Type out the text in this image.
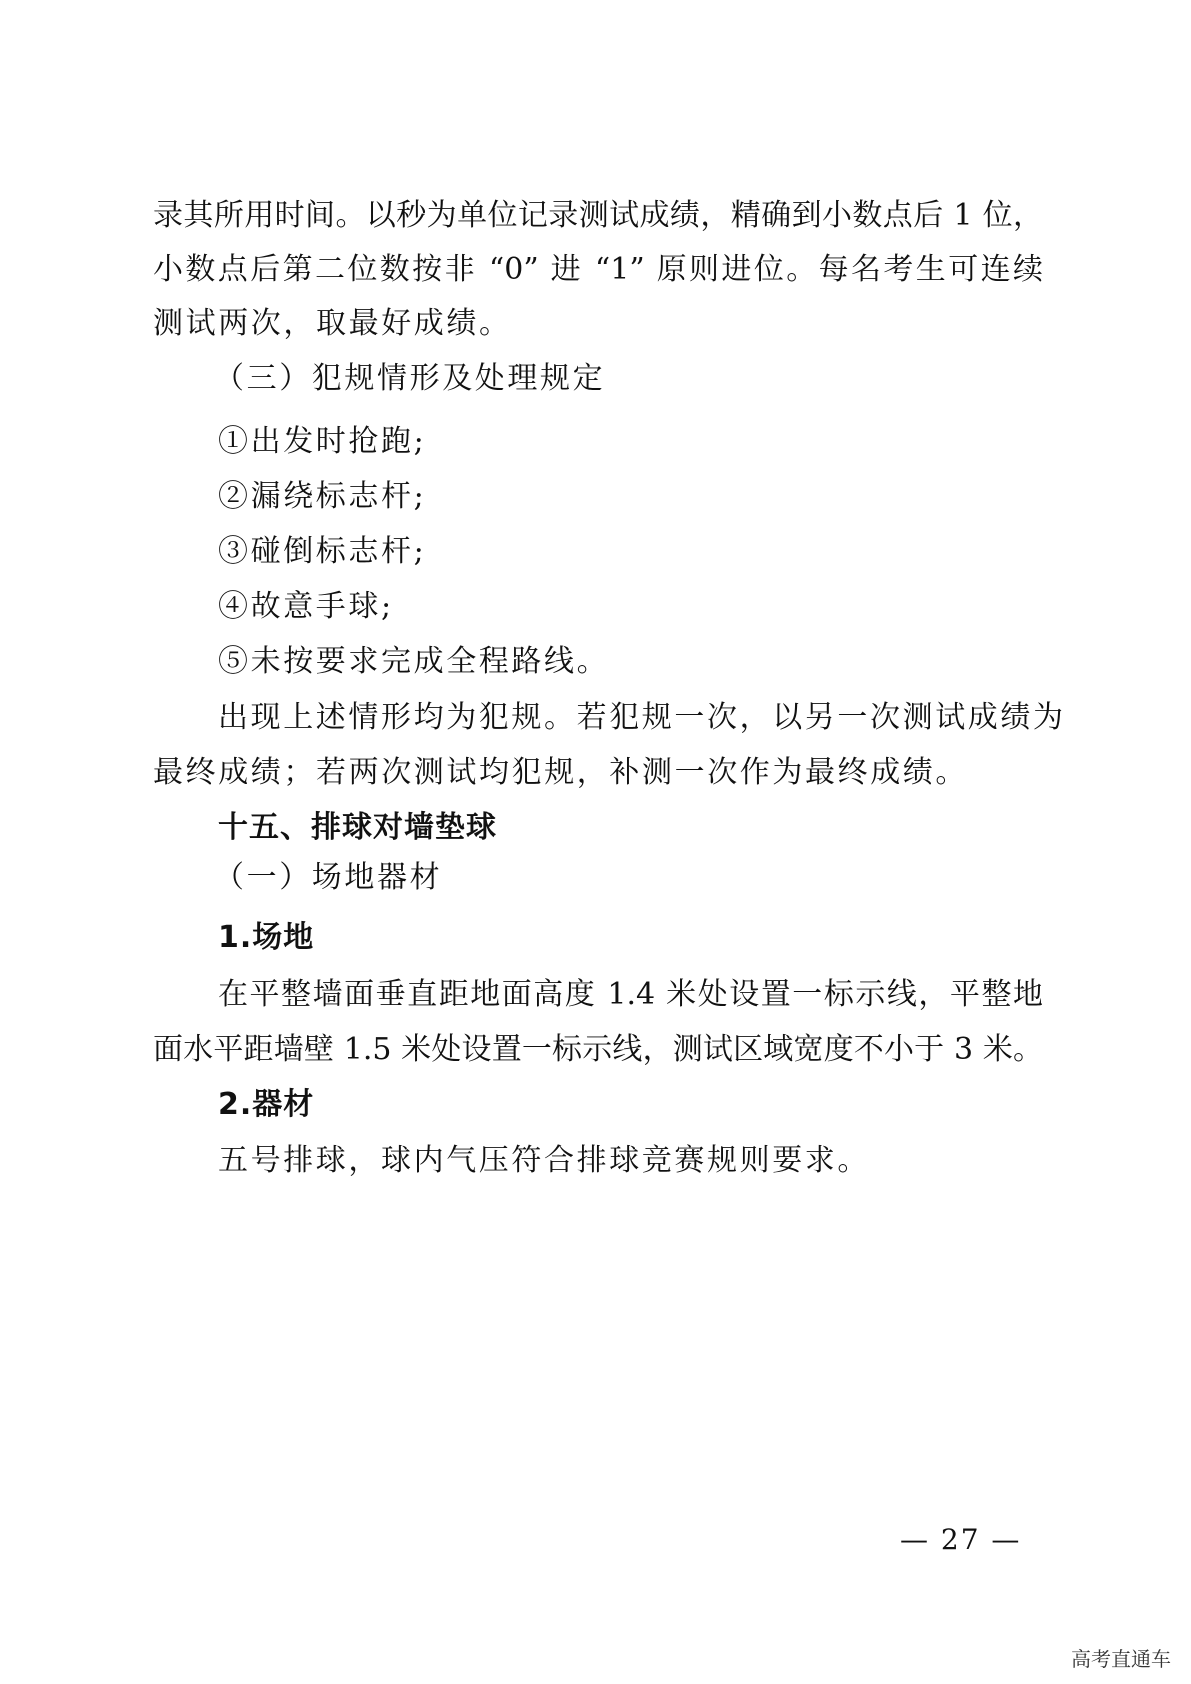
录其所用时间。以秒为单位记录测试成绩，精确到小数点后 1 位，
小数点后第二位数按非 “0” 进 “1” 原则进位。每名考生可连续
测试两次，取最好成绩。
（三）犯规情形及处理规定
①出发时抢跑;
②漏绕标志杆;
③碰倒标志杆;
④故意手球;
⑤未按要求完成全程路线。
出现上述情形均为犯规。若犯规一次，以另一次测试成绩为
最终成绩；若两次测试均犯规，补测一次作为最终成绩。
十五、排球对墙垫球
（一）场地器材
1.场地
在平整墙面垂直距地面高度 1.4 米处设置一标示线，平整地
面水平距墙壁 1.5 米处设置一标示线，测试区域宽度不小于 3 米。
2.器材
五号排球，球内气压符合排球竞赛规则要求。
— 27 —
高考直通车
